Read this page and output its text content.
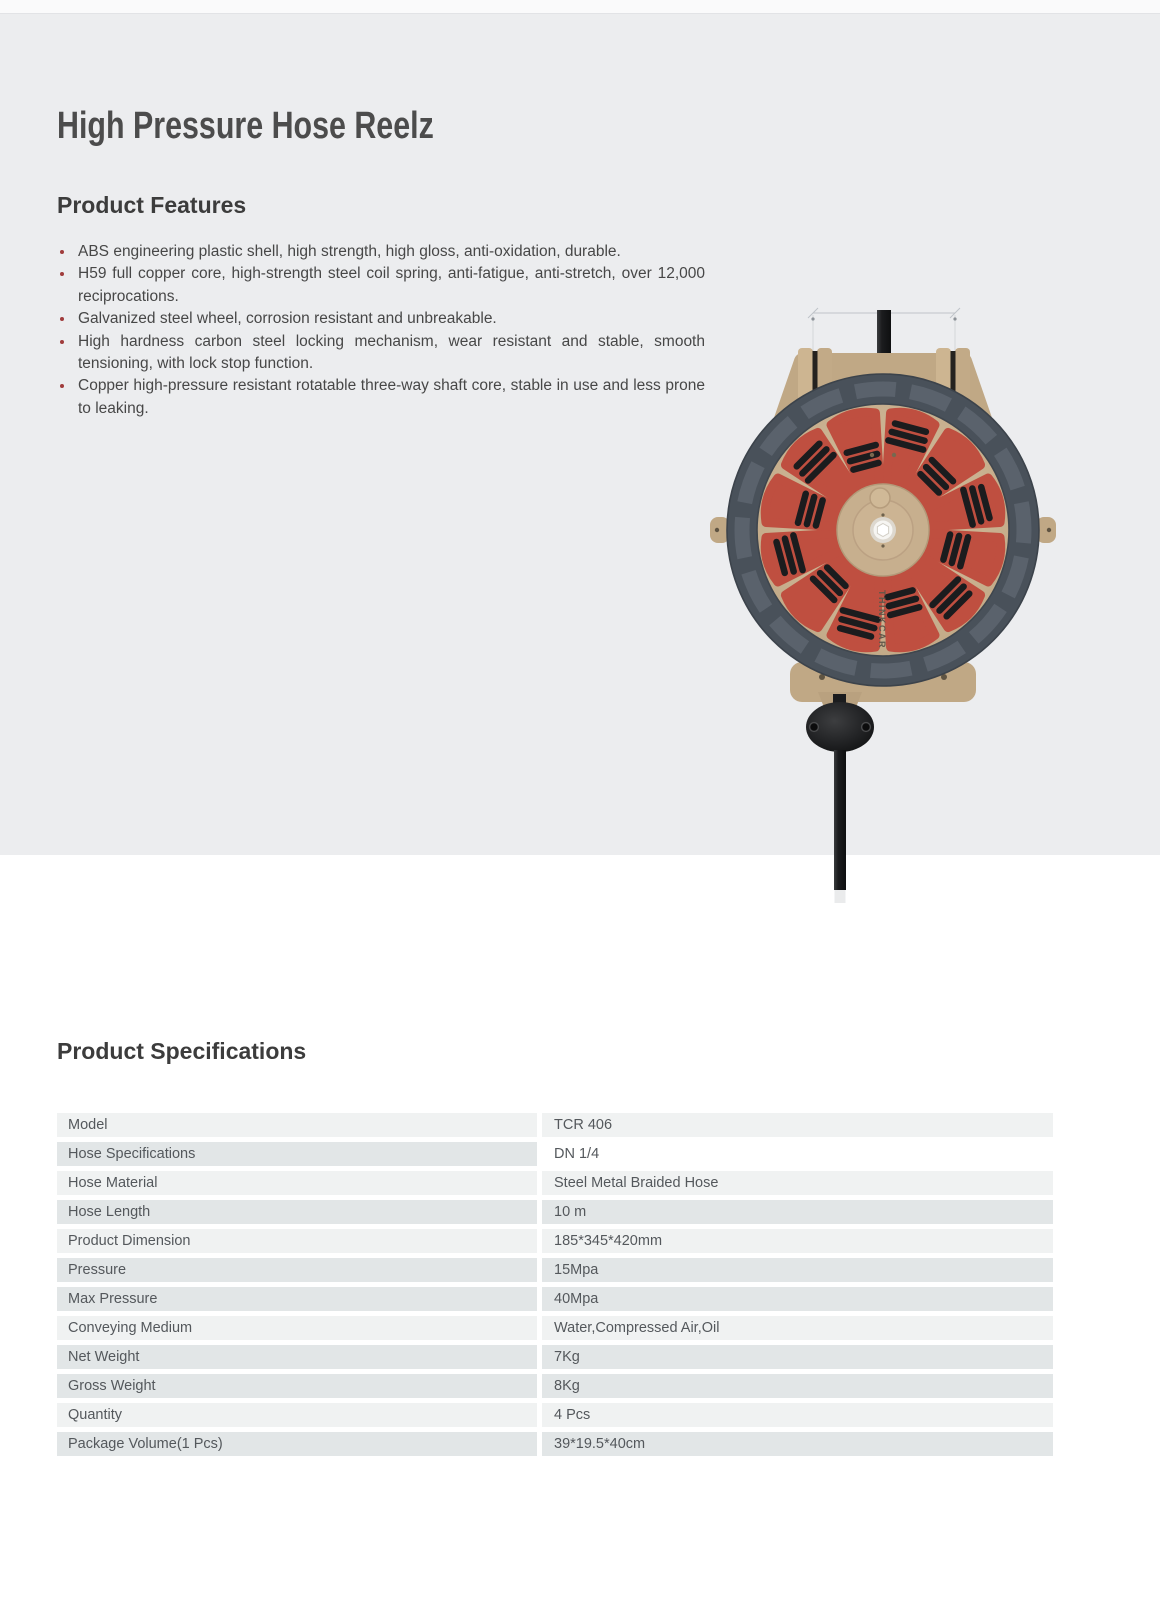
High Pressure Hose Reelz
Product Features
ABS engineering plastic shell, high strength, high gloss, anti-oxidation, durable.
H59 full copper core, high-strength steel coil spring, anti-fatigue, anti-stretch, over 12,000 reciprocations.
Galvanized steel wheel, corrosion resistant and unbreakable.
High hardness carbon steel locking mechanism, wear resistant and stable, smooth tensioning, with lock stop function.
Copper high-pressure resistant rotatable three-way shaft core, stable in use and less prone to leaking.
THINKCAR
Product Specifications
Model	TCR 406
Hose Specifications	DN 1/4
Hose Material	Steel Metal Braided Hose
Hose Length	10 m
Product Dimension	185*345*420mm
Pressure	15Mpa
Max Pressure	40Mpa
Conveying Medium	Water,Compressed Air,Oil
Net Weight	7Kg
Gross Weight	8Kg
Quantity	4 Pcs
Package Volume(1 Pcs)	39*19.5*40cm
